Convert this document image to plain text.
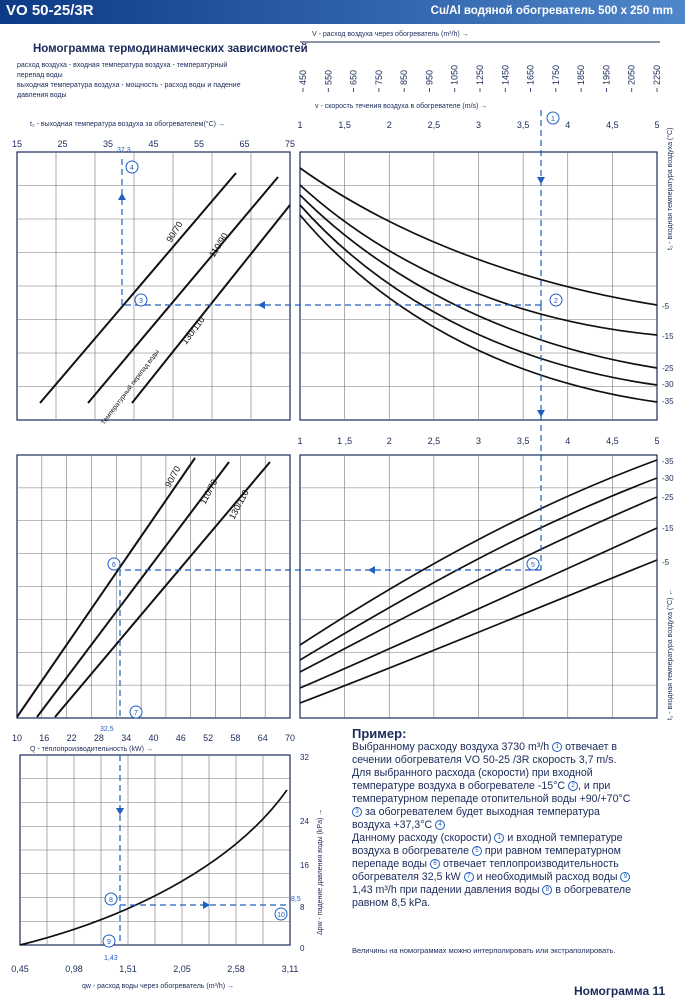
VO 50-25/3R	Cu/Al водяной обогреватель 500 x 250 mm
Номограмма термодинамических зависимостей
расход воздуха - входная температура воздуха - температурный
перепад воды
выходная температура воздуха - мощность - расход воды и падение
давления воды
V - расход воздуха через обогреватель (m³/h) →
450 550 650 750 850 950 1050 1250 1450 1650 1750 1850 1950 2050 2250
v - скорость течения воздуха в обогревателе (m/s) →
1	1,5	2	2,5	3	3,5	4	4,5	5
t₂ - выходная температура воздуха за обогревателем(°C) →
15	25	35	45	55	65	75
1	1 ,5	2	2,5	3	3,5	4	4,5	5
-5
-15
-25
-30
-35
-35
-30
-25
-15
-5
t₁ - входная температура воздуха (°C)
t₁ - входная температура воздуха (°C) ←
10 16 22 28 34 40 46 52 58 64 70
Q - теплопроизводительность (kW) →
0,45	0,98	1,51	2,05	2,58	3,11
qw - расход воды через обогреватель (m³/h) →
32
24
16
8
0
Δpw - падение давления воды (kPa) →
90/70	110/90
130/110
Температурный перепад воды
90/70
110/70 130/110
37,3
32,5
1,43
8,5
1
2
3
4
5
6
7
8
9
10
Пример:

Выбранному расходу воздуха 3730 m³/h 1 отвечает в
сечении обогревателя VO 50-25 /3R скорость 3,7 m/s.
Для выбранного расхода (скорости) при входной
температуре воздуха в обогревателе -15°C 2 , и при
температурном перепаде отопительной воды +90/+70°C
3 за обогревателем будет выходная температура
воздуха +37,3°C 4
Данному расходу (скорости) 1 и входной температуре
воздуха в обогревателе 5 при равном температурном
перепаде воды 6 отвечает теплопроизводительность
обогревателя 32,5 kW 7 и необходимый расход воды 9
1,43 m³/h при падении давления воды 8 в обогревателе
равном 8,5 kPa.

Величины на номограммах можно интерполировать или экстраполировать.
Номограмма 11
